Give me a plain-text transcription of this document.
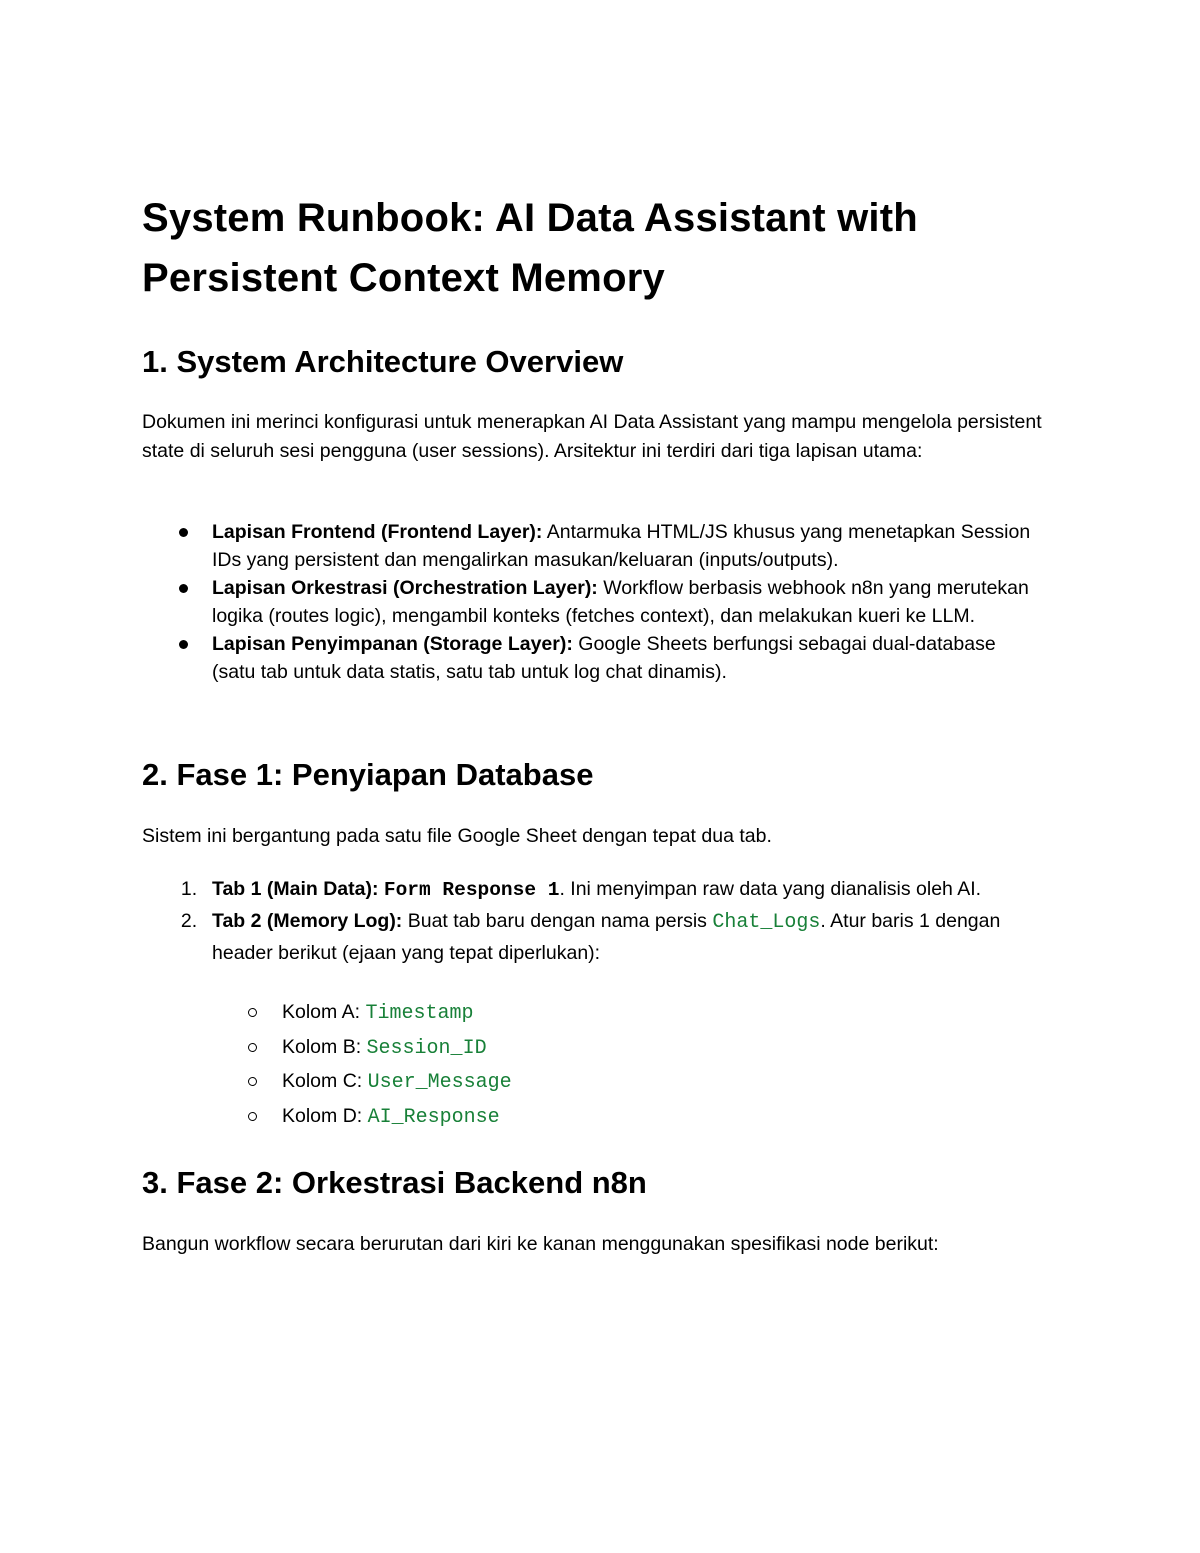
System Runbook: AI Data Assistant with Persistent Context Memory
1. System Architecture Overview

Dokumen ini merinci konfigurasi untuk menerapkan AI Data Assistant yang mampu mengelola persistent state di seluruh sesi pengguna (user sessions). Arsitektur ini terdiri dari tiga lapisan utama:

Lapisan Frontend (Frontend Layer): Antarmuka HTML/JS khusus yang menetapkan Session IDs yang persistent dan mengalirkan masukan/keluaran (inputs/outputs).
Lapisan Orkestrasi (Orchestration Layer): Workflow berbasis webhook n8n yang merutekan logika (routes logic), mengambil konteks (fetches context), dan melakukan kueri ke LLM.
Lapisan Penyimpanan (Storage Layer): Google Sheets berfungsi sebagai dual-database (satu tab untuk data statis, satu tab untuk log chat dinamis).
2. Fase 1: Penyiapan Database

Sistem ini bergantung pada satu file Google Sheet dengan tepat dua tab.

1. Tab 1 (Main Data): Form Response 1. Ini menyimpan raw data yang dianalisis oleh AI.
2. Tab 2 (Memory Log): Buat tab baru dengan nama persis Chat_Logs. Atur baris 1 dengan header berikut (ejaan yang tepat diperlukan):
Kolom A: Timestamp
Kolom B: Session_ID
Kolom C: User_Message
Kolom D: AI_Response
3. Fase 2: Orkestrasi Backend n8n

Bangun workflow secara berurutan dari kiri ke kanan menggunakan spesifikasi node berikut:
